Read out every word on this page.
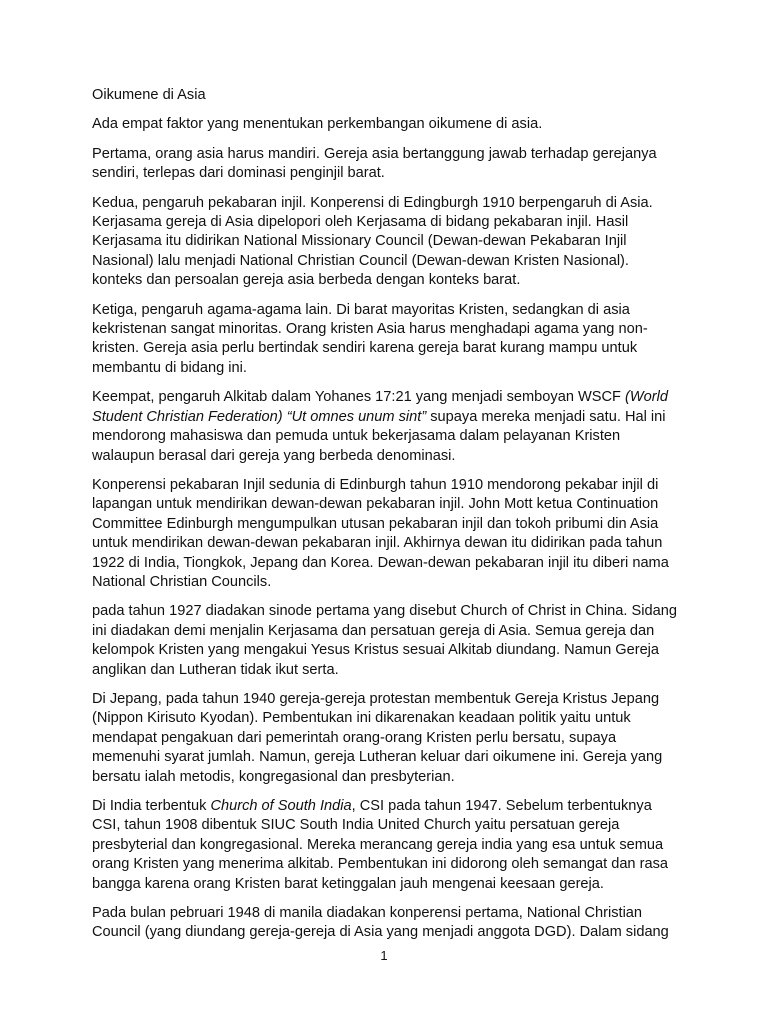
Oikumene di Asia

Ada empat faktor yang menentukan perkembangan oikumene di asia.

Pertama, orang asia harus mandiri. Gereja asia bertanggung jawab terhadap gerejanya sendiri, terlepas dari dominasi penginjil barat.

Kedua, pengaruh pekabaran injil. Konperensi di Edingburgh 1910 berpengaruh di Asia. Kerjasama gereja di Asia dipelopori oleh Kerjasama di bidang pekabaran injil. Hasil Kerjasama itu didirikan National Missionary Council (Dewan-dewan Pekabaran Injil Nasional) lalu menjadi National Christian Council (Dewan-dewan Kristen Nasional). konteks dan persoalan gereja asia berbeda dengan konteks barat.

Ketiga, pengaruh agama-agama lain. Di barat mayoritas Kristen, sedangkan di asia kekristenan sangat minoritas. Orang kristen Asia harus menghadapi agama yang non-kristen. Gereja asia perlu bertindak sendiri karena gereja barat kurang mampu untuk membantu di bidang ini.

Keempat, pengaruh Alkitab dalam Yohanes 17:21 yang menjadi semboyan WSCF (World Student Christian Federation) “Ut omnes unum sint” supaya mereka menjadi satu. Hal ini mendorong mahasiswa dan pemuda untuk bekerjasama dalam pelayanan Kristen walaupun berasal dari gereja yang berbeda denominasi.

Konperensi pekabaran Injil sedunia di Edinburgh tahun 1910 mendorong pekabar injil di lapangan untuk mendirikan dewan-dewan pekabaran injil. John Mott ketua Continuation Committee Edinburgh mengumpulkan utusan pekabaran injil dan tokoh pribumi din Asia untuk mendirikan dewan-dewan pekabaran injil. Akhirnya dewan itu didirikan pada tahun 1922 di India, Tiongkok, Jepang dan Korea. Dewan-dewan pekabaran injil itu diberi nama National Christian Councils.

pada tahun 1927 diadakan sinode pertama yang disebut Church of Christ in China. Sidang ini diadakan demi menjalin Kerjasama dan persatuan gereja di Asia. Semua gereja dan kelompok Kristen yang mengakui Yesus Kristus sesuai Alkitab diundang. Namun Gereja anglikan dan Lutheran tidak ikut serta.

Di Jepang, pada tahun 1940 gereja-gereja protestan membentuk Gereja Kristus Jepang (Nippon Kirisuto Kyodan). Pembentukan ini dikarenakan keadaan politik yaitu untuk mendapat pengakuan dari pemerintah orang-orang Kristen perlu bersatu, supaya memenuhi syarat jumlah. Namun, gereja Lutheran keluar dari oikumene ini. Gereja yang bersatu ialah metodis, kongregasional dan presbyterian.

Di India terbentuk Church of South India, CSI pada tahun 1947. Sebelum terbentuknya CSI, tahun 1908 dibentuk SIUC South India United Church yaitu persatuan gereja presbyterial dan kongregasional. Mereka merancang gereja india yang esa untuk semua orang Kristen yang menerima alkitab. Pembentukan ini didorong oleh semangat dan rasa bangga karena orang Kristen barat ketinggalan jauh mengenai keesaan gereja.

Pada bulan pebruari 1948 di manila diadakan konperensi pertama, National Christian Council (yang diundang gereja-gereja di Asia yang menjadi anggota DGD). Dalam sidang

1
